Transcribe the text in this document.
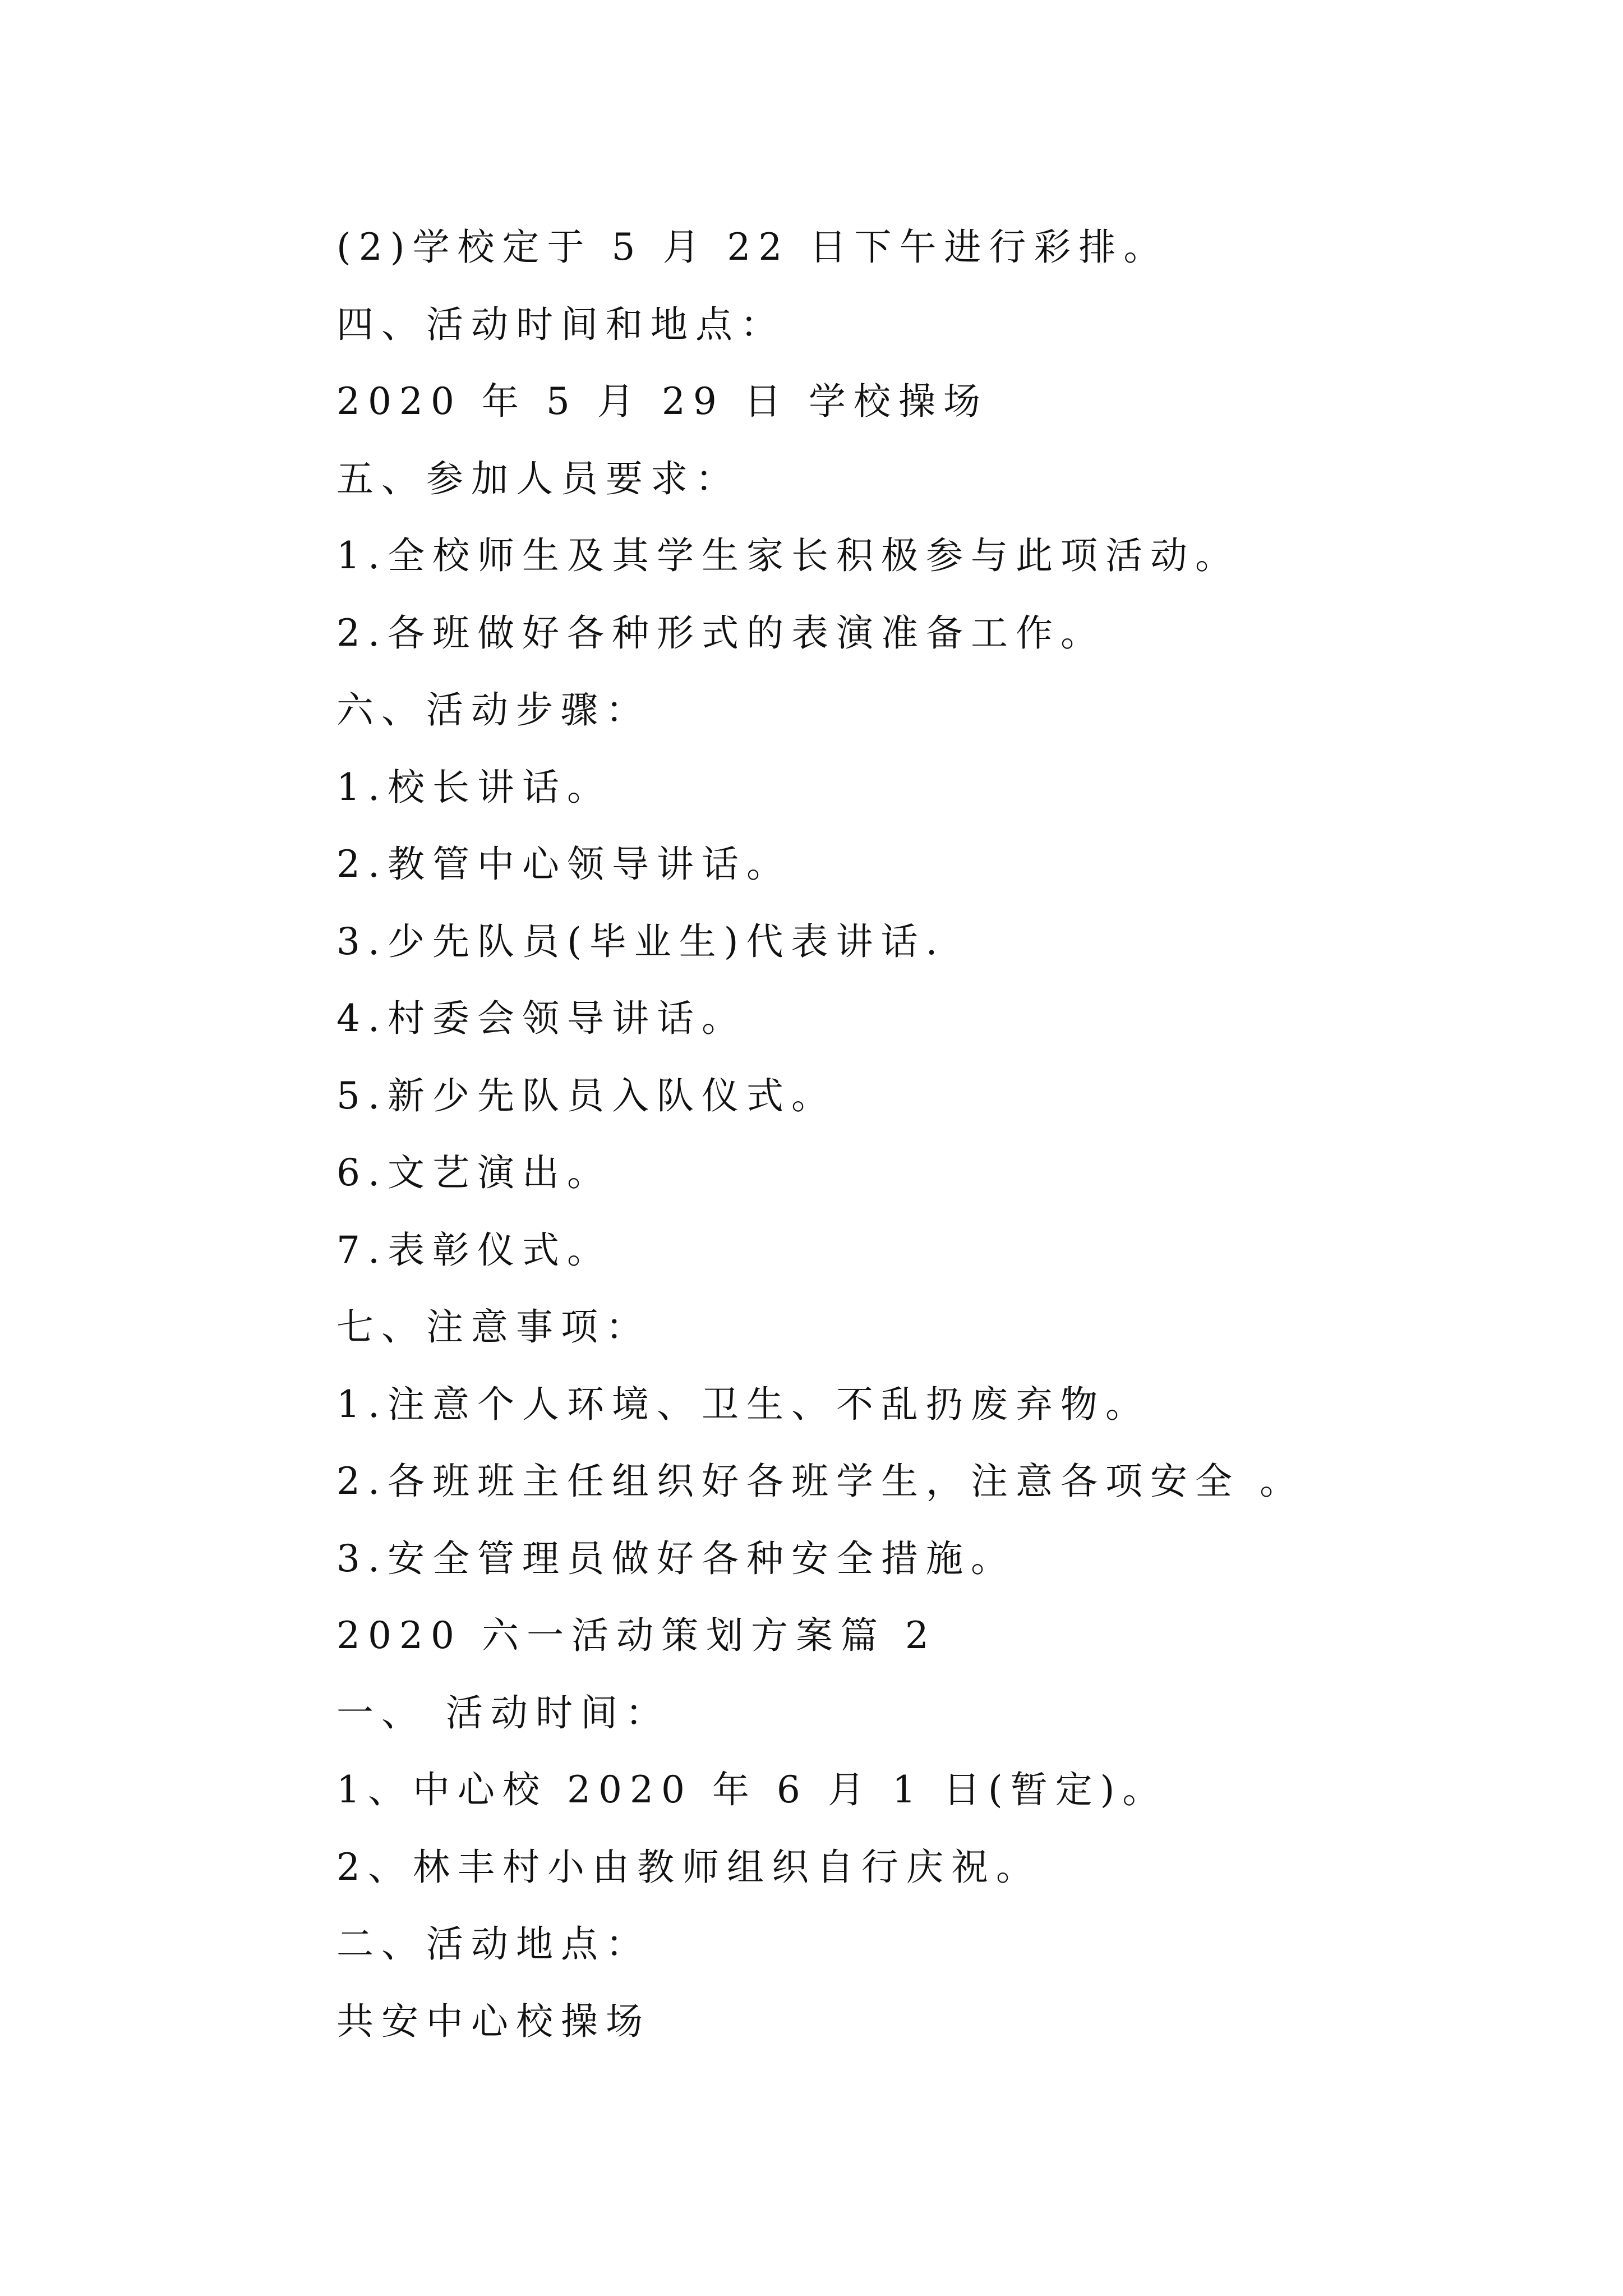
(2)学校定于 5 月 22 日下午进行彩排。
四、活动时间和地点：
2020 年 5 月 29 日 学校操场
五、参加人员要求：
1.全校师生及其学生家长积极参与此项活动。
2.各班做好各种形式的表演准备工作。
六、活动步骤：
1.校长讲话。
2.教管中心领导讲话。
3.少先队员(毕业生)代表讲话.
4.村委会领导讲话。
5.新少先队员入队仪式。
6.文艺演出。
7.表彰仪式。
七、注意事项：
1.注意个人环境、卫生、不乱扔废弃物。
2.各班班主任组织好各班学生，注意各项安全 。
3.安全管理员做好各种安全措施。
2020 六一活动策划方案篇 2
一、 活动时间：
1、中心校 2020 年 6 月 1 日(暂定)。
2、林丰村小由教师组织自行庆祝。
二、活动地点：
共安中心校操场
